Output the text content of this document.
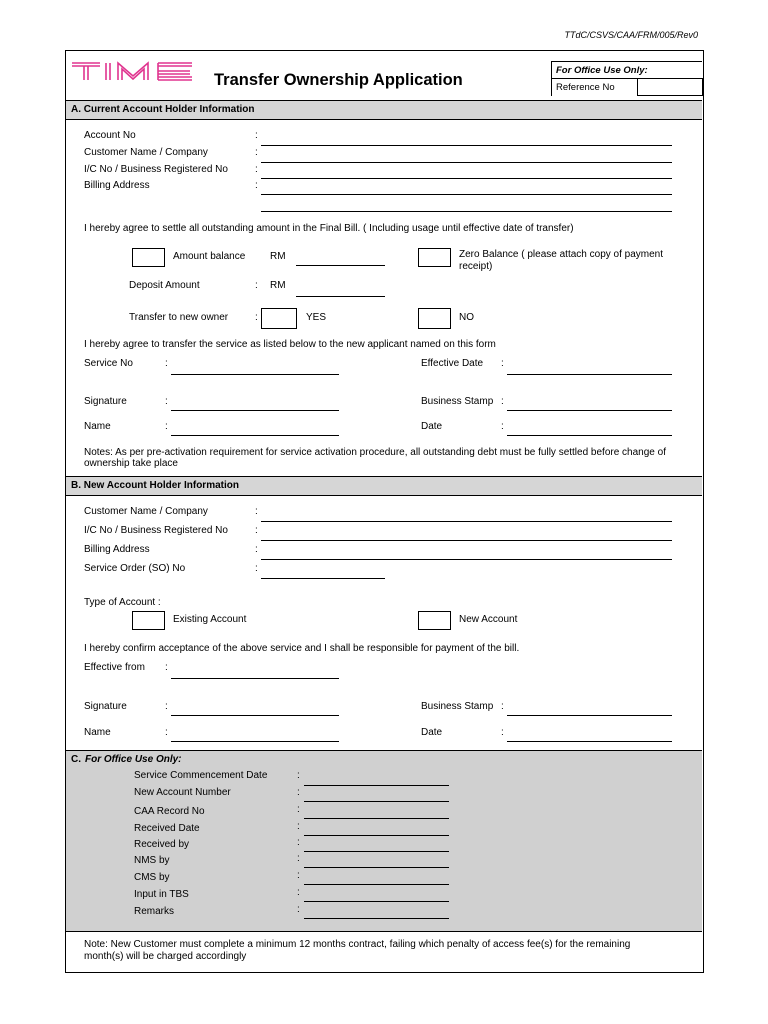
TTdC/CSVS/CAA/FRM/005/Rev0
Transfer Ownership Application
For Office Use Only:
Reference No
A. Current Account Holder Information
Account No	:
Customer Name / Company	:
I/C No / Business Registered No	:
Billing Address	:
I hereby agree to settle all outstanding amount in the Final Bill. ( Including usage until effective date of transfer)
Amount balance RM	Zero Balance ( please attach copy of payment
receipt)
Deposit Amount	: RM
Transfer to new owner	:	YES	NO
I hereby agree to transfer the service as listed below to the new applicant named on this form
Service No	:	Effective Date :
Signature	:	Business Stamp :
Name	:	Date	:
Notes: As per pre-activation requirement for service activation procedure, all outstanding debt must be fully settled before change of
ownership take place
B. New Account Holder Information
Customer Name / Company	:
I/C No / Business Registered No	:
Billing Address	:
Service Order (SO) No	:
Type of Account :
Existing Account	New Account
I hereby confirm acceptance of the above service and I shall be responsible for payment of the bill.
Effective from :
Signature	:	Business Stamp :
Name	:	Date	:
C. For Office Use Only:
Service Commencement Date	:
New Account Number	:
CAA Record No	:
Received Date	:
Received by	:
NMS by	:
CMS by	:
Input in TBS	:
Remarks	:
Note: New Customer must complete a minimum 12 months contract, failing which penalty of access fee(s) for the remaining
month(s) will be charged accordingly
